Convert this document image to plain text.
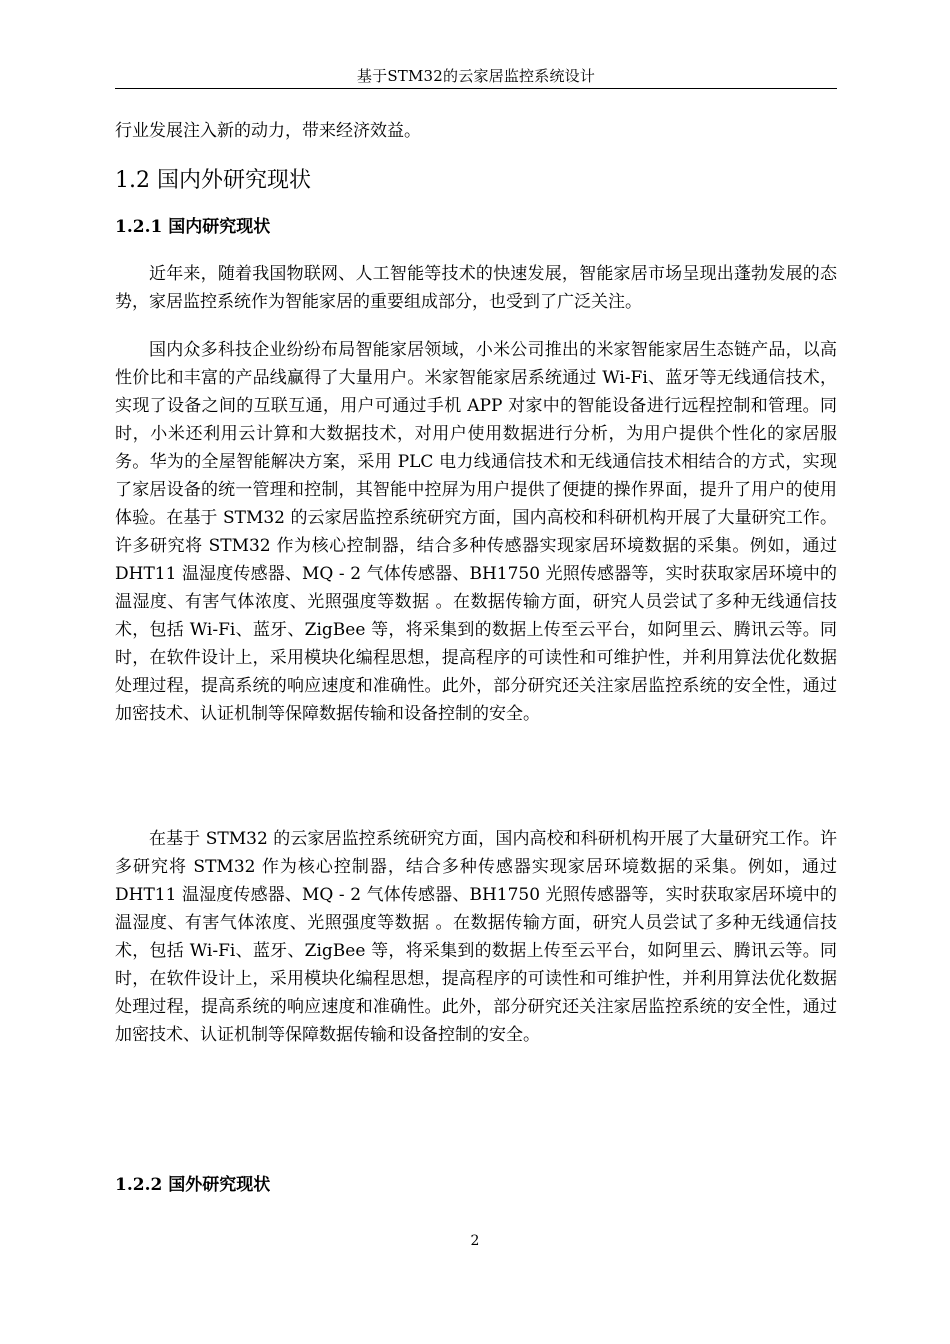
基于STM32的云家居监控系统设计

行业发展注入新的动力，带来经济效益。

1.2 国内外研究现状
1.2.1 国内研究现状

近年来，随着我国物联网、人工智能等技术的快速发展，智能家居市场呈现出蓬勃发展的态势，家居监控系统作为智能家居的重要组成部分，也受到了广泛关注。

国内众多科技企业纷纷布局智能家居领域，小米公司推出的米家智能家居生态链产品，以高性价比和丰富的产品线赢得了大量用户。米家智能家居系统通过 Wi-Fi、蓝牙等无线通信技术，实现了设备之间的互联互通，用户可通过手机 APP 对家中的智能设备进行远程控制和管理。同时，小米还利用云计算和大数据技术，对用户使用数据进行分析，为用户提供个性化的家居服务。华为的全屋智能解决方案，采用 PLC 电力线通信技术和无线通信技术相结合的方式，实现了家居设备的统一管理和控制，其智能中控屏为用户提供了便捷的操作界面，提升了用户的使用体验。在基于 STM32 的云家居监控系统研究方面，国内高校和科研机构开展了大量研究工作。许多研究将 STM32 作为核心控制器，结合多种传感器实现家居环境数据的采集。例如，通过 DHT11 温湿度传感器、MQ - 2 气体传感器、BH1750 光照传感器等，实时获取家居环境中的温湿度、有害气体浓度、光照强度等数据 。在数据传输方面，研究人员尝试了多种无线通信技术，包括 Wi-Fi、蓝牙、ZigBee 等，将采集到的数据上传至云平台，如阿里云、腾讯云等。同时，在软件设计上，采用模块化编程思想，提高程序的可读性和可维护性，并利用算法优化数据处理过程，提高系统的响应速度和准确性。此外，部分研究还关注家居监控系统的安全性，通过加密技术、认证机制等保障数据传输和设备控制的安全。

在基于 STM32 的云家居监控系统研究方面，国内高校和科研机构开展了大量研究工作。许多研究将 STM32 作为核心控制器，结合多种传感器实现家居环境数据的采集。例如，通过 DHT11 温湿度传感器、MQ - 2 气体传感器、BH1750 光照传感器等，实时获取家居环境中的温湿度、有害气体浓度、光照强度等数据 。在数据传输方面，研究人员尝试了多种无线通信技术，包括 Wi-Fi、蓝牙、ZigBee 等，将采集到的数据上传至云平台，如阿里云、腾讯云等。同时，在软件设计上，采用模块化编程思想，提高程序的可读性和可维护性，并利用算法优化数据处理过程，提高系统的响应速度和准确性。此外，部分研究还关注家居监控系统的安全性，通过加密技术、认证机制等保障数据传输和设备控制的安全。

1.2.2 国外研究现状
2
